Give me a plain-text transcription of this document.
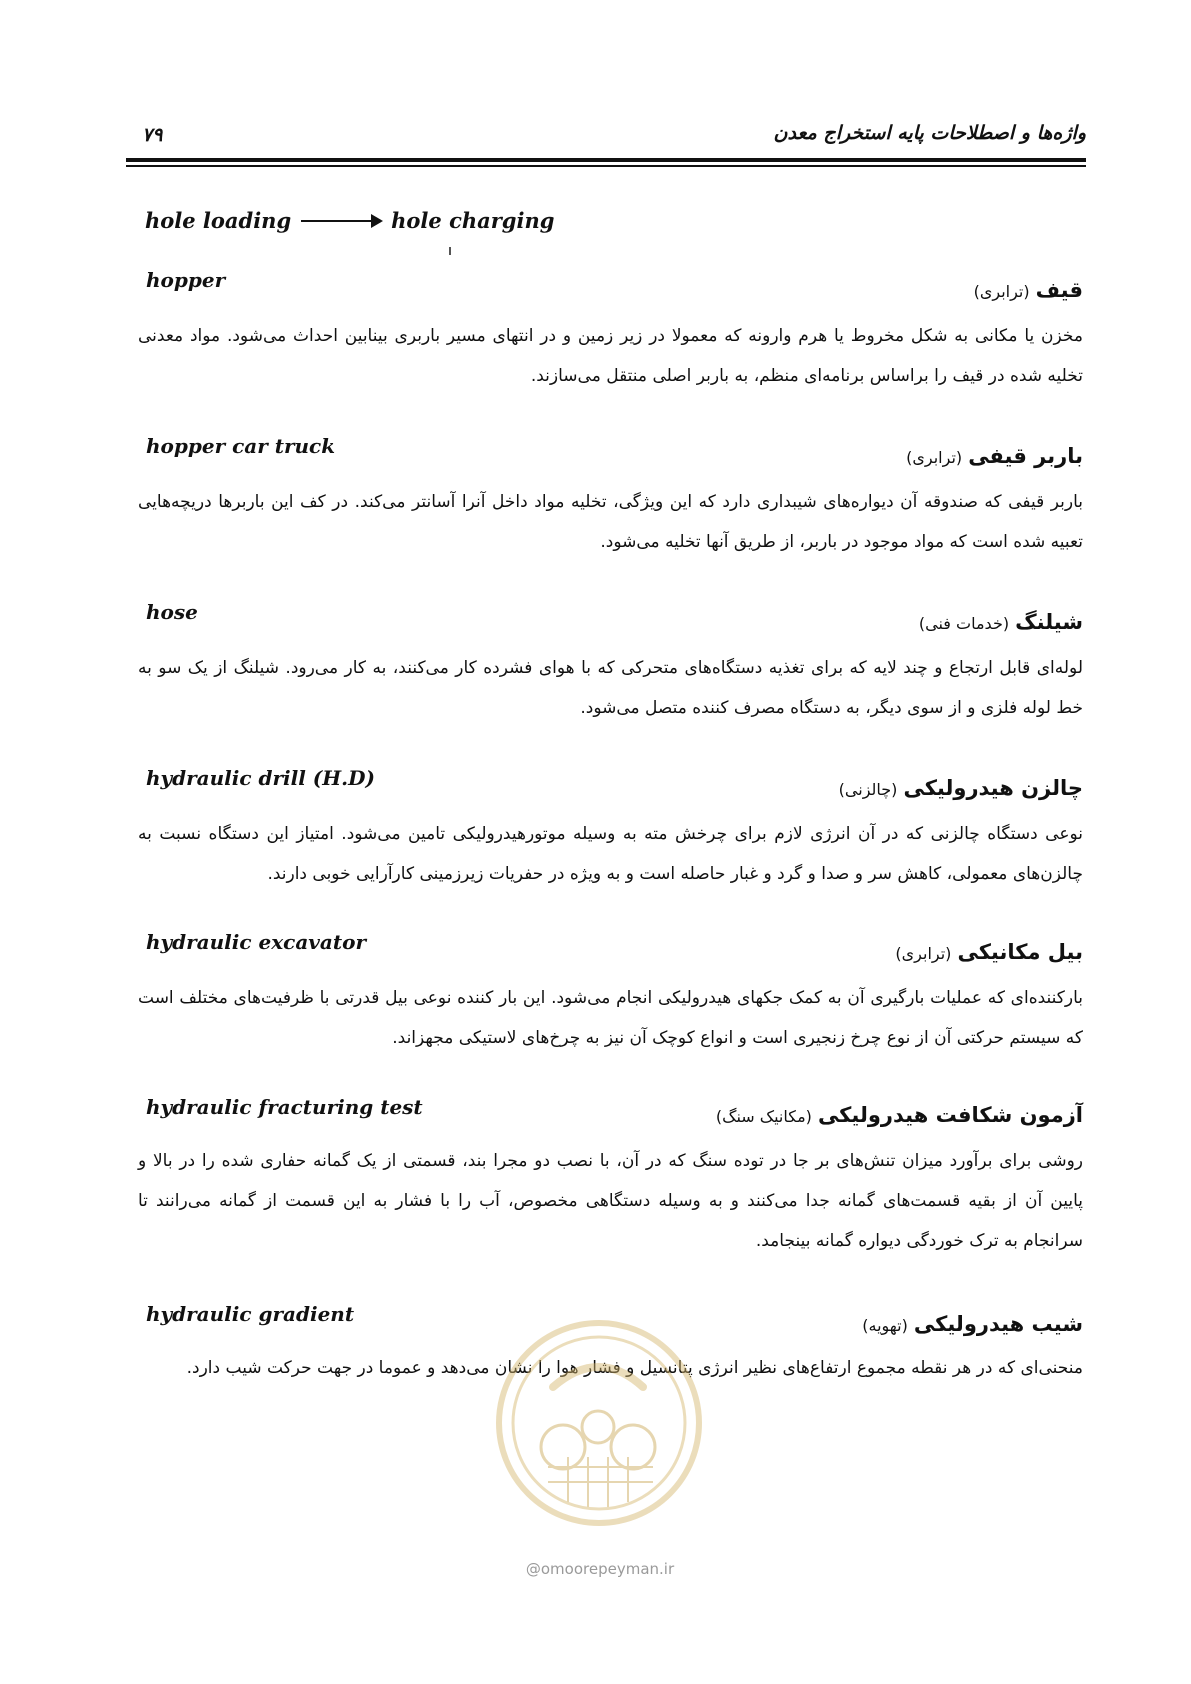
۷۹	واژه‌ها و اصطلاحات پایه استخراج معدن
hole loading	hole charging
hopper	قیف (ترابری)
مخزن یا مکانی به شکل مخروط یا هرم وارونه که معمولا در زیر زمین و در انتهای مسیر باربری بینابین احداث می‌شود. مواد معدنی تخلیه شده در قیف را براساس برنامه‌ای منظم، به باربر اصلی منتقل می‌سازند.
hopper car truck	باربر قیفی (ترابری)
باربر قیفی که صندوقه آن دیواره‌های شیبداری دارد که این ویژگی، تخلیه مواد داخل آنرا آسانتر می‌کند. در کف این باربرها دریچه‌هایی تعبیه شده است که مواد موجود در باربر، از طریق آنها تخلیه می‌شود.
hose	شیلنگ (خدمات فنی)
لوله‌ای قابل ارتجاع و چند لایه که برای تغذیه دستگاه‌های متحرکی که با هوای فشرده کار می‌کنند، به کار می‌رود. شیلنگ از یک سو به خط لوله فلزی و از سوی دیگر، به دستگاه مصرف کننده متصل می‌شود.
hydraulic drill (H.D)	چالزن هیدرولیکی (چالزنی)
نوعی دستگاه چالزنی که در آن انرژی لازم برای چرخش مته به وسیله موتورهیدرولیکی تامین می‌شود. امتیاز این دستگاه نسبت به چالزن‌های معمولی، کاهش سر و صدا و گرد و غبار حاصله است و به ویژه در حفریات زیرزمینی کارآرایی خوبی دارند.
hydraulic excavator	بیل مکانیکی (ترابری)
بارکننده‌ای که عملیات بارگیری آن به کمک جکهای هیدرولیکی انجام می‌شود. این بار کننده نوعی بیل قدرتی با ظرفیت‌های مختلف است که سیستم حرکتی آن از نوع چرخ زنجیری است و انواع کوچک آن نیز به چرخ‌های لاستیکی مجهزاند.
hydraulic fracturing test	آزمون شکافت هیدرولیکی (مکانیک سنگ)
روشی برای برآورد میزان تنش‌های بر جا در توده سنگ که در آن، با نصب دو مجرا بند، قسمتی از یک گمانه حفاری شده را در بالا و پایین آن از بقیه قسمت‌های گمانه جدا می‌کنند و به وسیله دستگاهی مخصوص، آب را با فشار به این قسمت از گمانه می‌رانند تا سرانجام به ترک خوردگی دیواره گمانه بینجامد.
hydraulic gradient	شیب هیدرولیکی (تهویه)
منحنی‌ای که در هر نقطه مجموع ارتفاع‌های نظیر انرژی پتانسیل و فشار هوا را نشان می‌دهد و عموما در جهت حرکت شیب دارد.
@omoorepeyman.ir
